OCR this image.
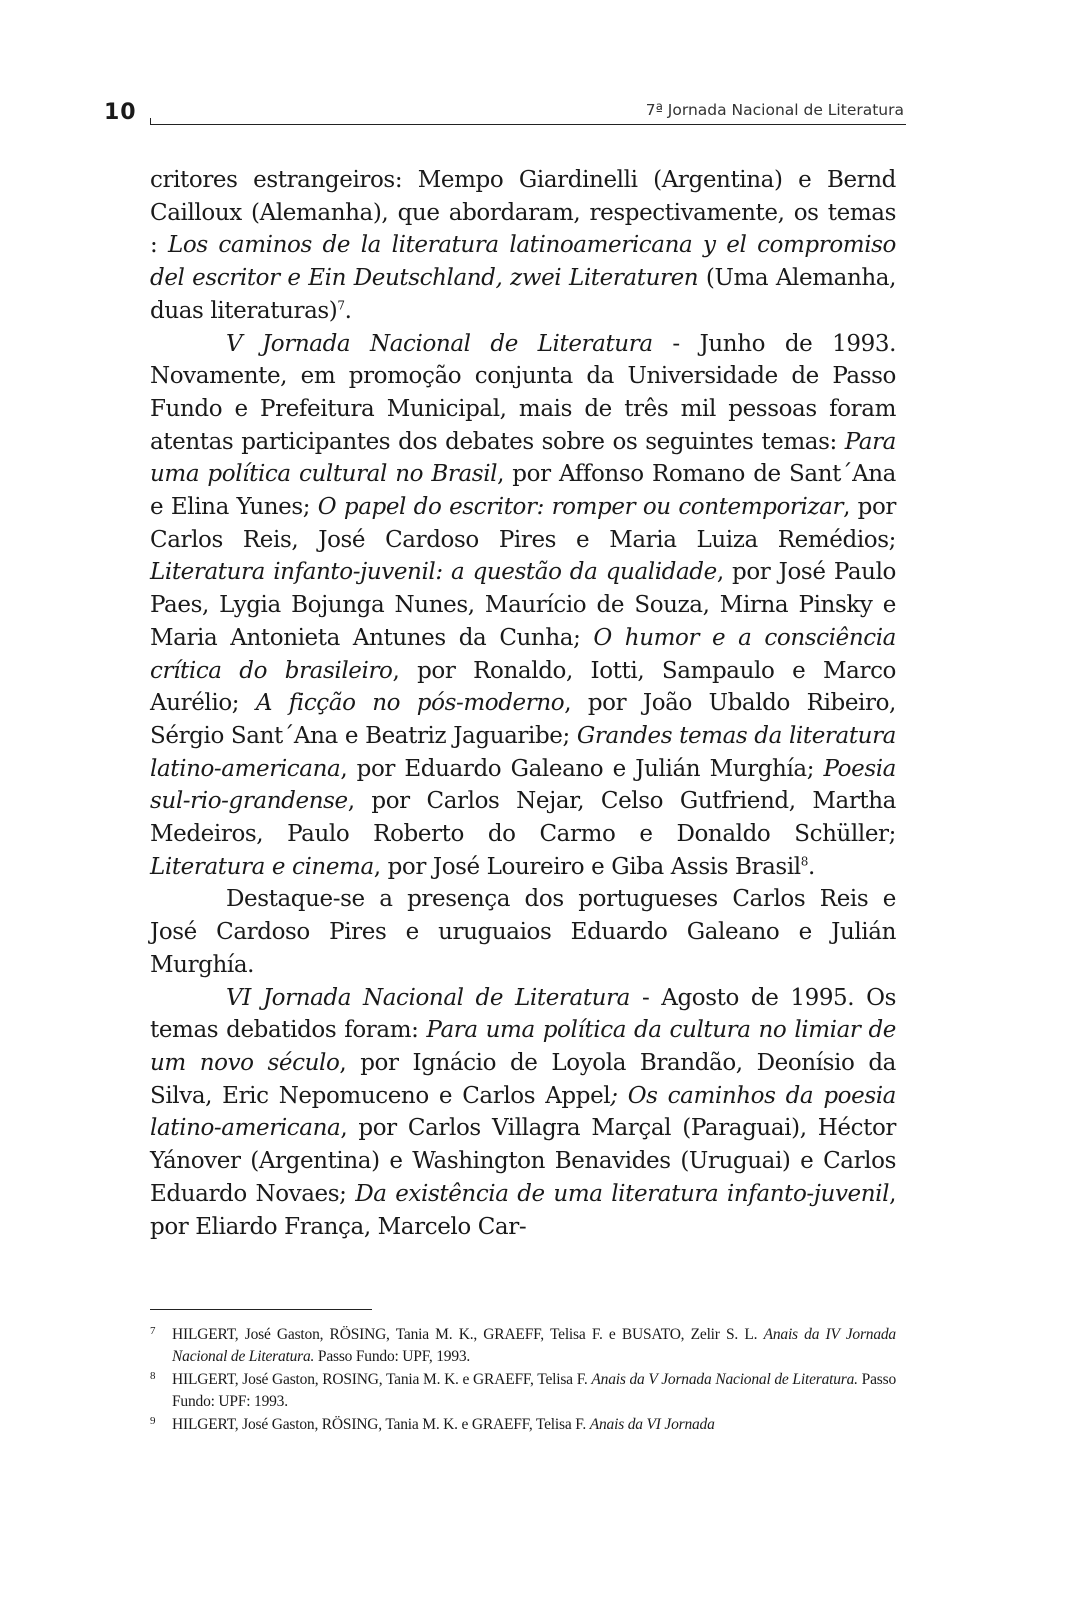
10	7ª Jornada Nacional de Literatura

critores estrangeiros: Mempo Giardinelli (Argentina) e Bernd Cailloux (Alemanha), que abordaram, respectivamente, os temas : Los caminos de la literatura latinoamericana y el compromiso del escritor e Ein Deutschland, zwei Literaturen (Uma Alemanha, duas literaturas)$^7$.

V Jornada Nacional de Literatura - Junho de 1993. Novamente, em promoção conjunta da Universidade de Passo Fundo e Prefeitura Municipal, mais de três mil pessoas foram atentas participantes dos debates sobre os seguintes temas: Para uma política cultural no Brasil, por Affonso Romano de Sant´Ana e Elina Yunes; O papel do escritor: romper ou contemporizar, por Carlos Reis, José Cardoso Pires e Maria Luiza Remédios; Literatura infanto-juvenil: a questão da qualidade, por José Paulo Paes, Lygia Bojunga Nunes, Maurício de Souza, Mirna Pinsky e Maria Antonieta Antunes da Cunha; O humor e a consciência crítica do brasileiro, por Ronaldo, Iotti, Sampaulo e Marco Aurélio; A ficção no pós-moderno, por João Ubaldo Ribeiro, Sérgio Sant´Ana e Beatriz Jaguaribe; Grandes temas da literatura latino-americana, por Eduardo Galeano e Julián Murghía; Poesia sul-rio-grandense, por Carlos Nejar, Celso Gutfriend, Martha Medeiros, Paulo Roberto do Carmo e Donaldo Schüller; Literatura e cinema, por José Loureiro e Giba Assis Brasil$^8$.

Destaque-se a presença dos portugueses Carlos Reis e José Cardoso Pires e uruguaios Eduardo Galeano e Julián Murghía.

VI Jornada Nacional de Literatura - Agosto de 1995. Os temas debatidos foram: Para uma política da cultura no limiar de um novo século, por Ignácio de Loyola Brandão, Deonísio da Silva, Eric Nepomuceno e Carlos Appel; Os caminhos da poesia latino-americana, por Carlos Villagra Marçal (Paraguai), Héctor Yánover (Argentina) e Washington Benavides (Uruguai) e Carlos Eduardo Novaes; Da existência de uma literatura infanto-juvenil, por Eliardo França, Marcelo Car-

7 HILGERT, José Gaston, RÖSING, Tania M. K., GRAEFF, Telisa F. e BUSATO, Zelir S. L. Anais da IV Jornada Nacional de Literatura. Passo Fundo: UPF, 1993.
8 HILGERT, José Gaston, ROSING, Tania M. K. e GRAEFF, Telisa F. Anais da V Jornada Nacional de Literatura. Passo Fundo: UPF: 1993.
9 HILGERT, José Gaston, RÖSING, Tania M. K. e GRAEFF, Telisa F. Anais da VI Jornada
